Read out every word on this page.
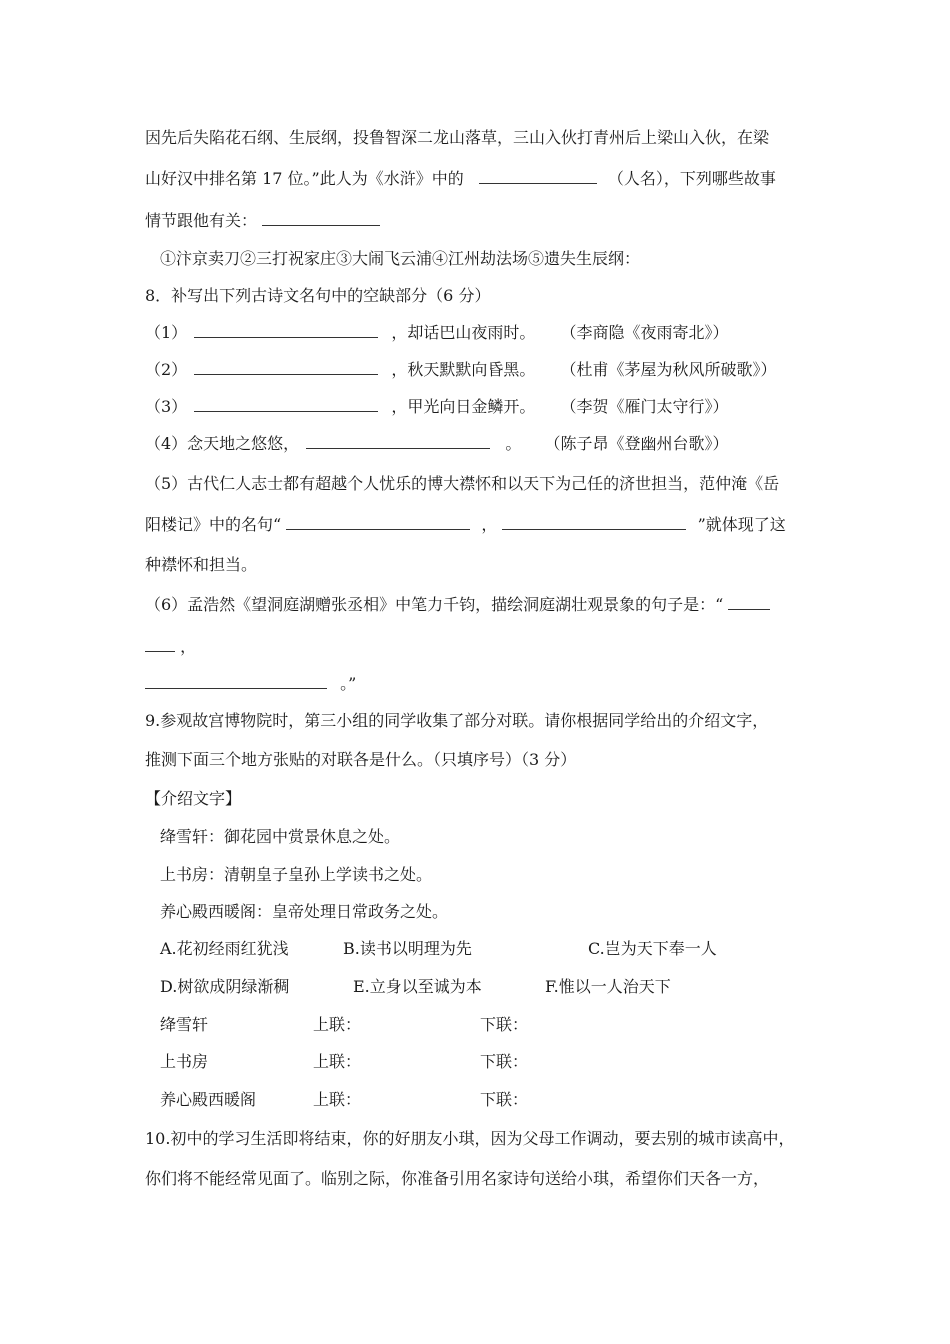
因先后失陷花石纲、生辰纲，投鲁智深二龙山落草，三山入伙打青州后上梁山入伙，在梁
山好汉中排名第 17 位。”此人为《水浒》中的	（人名），下列哪些故事
情节跟他有关：
①汴京卖刀②三打祝家庄③大闹飞云浦④江州劫法场⑤遗失生辰纲：
8．补写出下列古诗文名句中的空缺部分（6 分）
（1）	，却话巴山夜雨时。 （李商隐《夜雨寄北》）
（2）	，秋天默默向昏黑。 （杜甫《茅屋为秋风所破歌》）
（3）	，甲光向日金鳞开。 （李贺《雁门太守行》）
（4）念天地之悠悠，	。 （陈子昂《登幽州台歌》）
（5）古代仁人志士都有超越个人忧乐的博大襟怀和以天下为己任的济世担当，范仲淹《岳
阳楼记》中的名句“	，	”就体现了这
种襟怀和担当。
（6）孟浩然《望洞庭湖赠张丞相》中笔力千钧，描绘洞庭湖壮观景象的句子是：“
，
。”
9.参观故宫博物院时，第三小组的同学收集了部分对联。请你根据同学给出的介绍文字，
推测下面三个地方张贴的对联各是什么。（只填序号）（3 分）
【介绍文字】
绛雪轩：御花园中赏景休息之处。
上书房：清朝皇子皇孙上学读书之处。
养心殿西暖阁：皇帝处理日常政务之处。
A.花初经雨红犹浅	B.读书以明理为先	C.岂为天下奉一人
D.树欲成阴绿渐稠	E.立身以至诚为本	F.惟以一人治天下
绛雪轩	上联：	下联：
上书房	上联：	下联：
养心殿西暖阁	上联：	下联：
10.初中的学习生活即将结束，你的好朋友小琪，因为父母工作调动，要去别的城市读高中，
你们将不能经常见面了。临别之际，你准备引用名家诗句送给小琪，希望你们天各一方，
